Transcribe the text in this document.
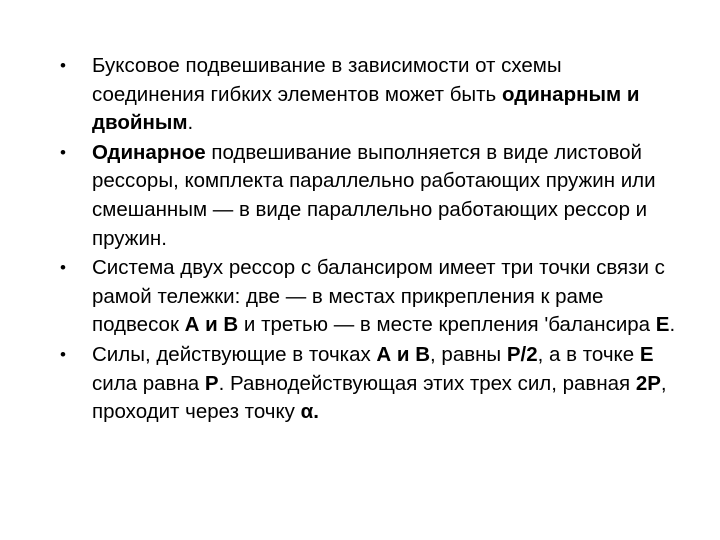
•	Буксовое подвешивание в зависимости от схемы соединения гибких элементов может быть одинарным и двойным.
•	Одинарное подвешивание выполняется в виде листовой рессоры, комплекта параллельно работающих пружин или смешанным — в виде параллельно работающих рессор и пружин.
•	Система двух рессор с балансиром имеет три точки связи с рамой тележки: две — в местах прикрепления к раме подвесок А и В и третью — в месте крепления 'балансира Е.
•	Силы, действующие в точках А и В, равны Р/2, а в точке Е сила равна Р. Равнодействующая этих трех сил, равная 2Р, проходит через точку α.
